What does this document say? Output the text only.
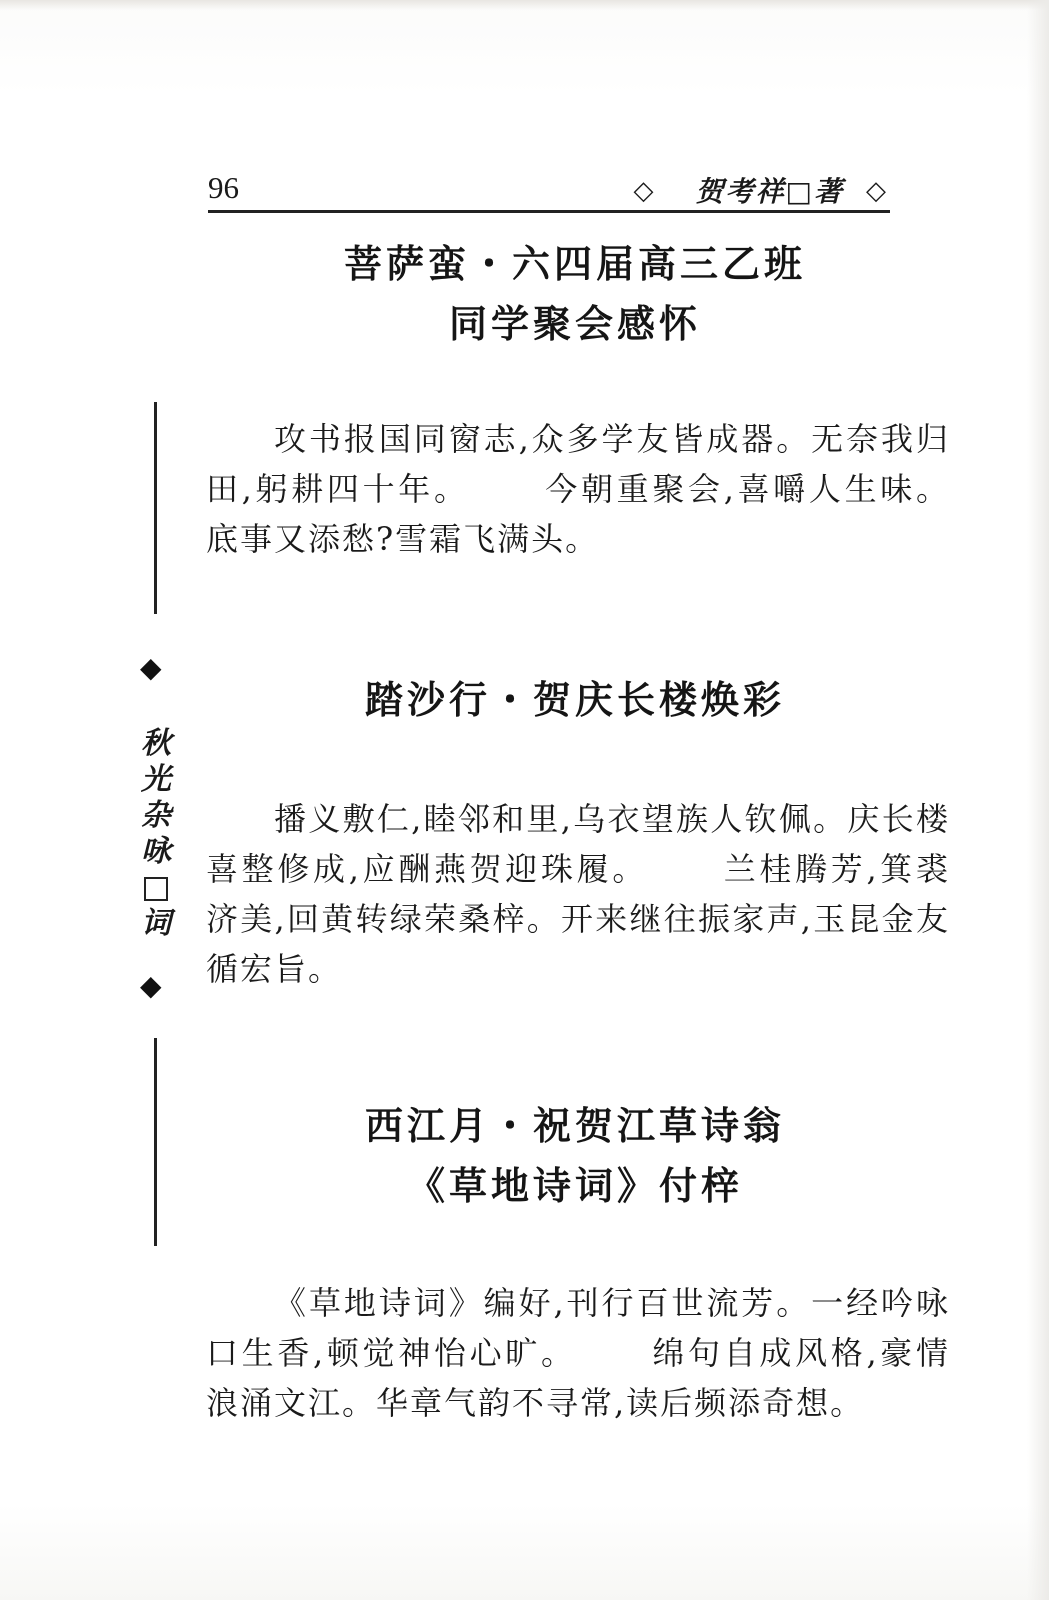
96	◇ 贺考祥□著 ◇
◆
秋光杂咏词
◆
菩萨蛮・六四届高三乙班
同学聚会感怀
攻书报国同窗志,众多学友皆成器。无奈我归田,躬耕四十年。 今朝重聚会,喜嚼人生味。底事又添愁?雪霜飞满头。
踏沙行・贺庆长楼焕彩
播义敷仁,睦邻和里,乌衣望族人钦佩。庆长楼喜整修成,应酬燕贺迎珠履。 兰桂腾芳,箕裘济美,回黄转绿荣桑梓。开来继往振家声,玉昆金友循宏旨。
西江月・祝贺江草诗翁
《草地诗词》付梓
《草地诗词》编好,刊行百世流芳。一经吟咏口生香,顿觉神怡心旷。 绵句自成风格,豪情浪涌文江。华章气韵不寻常,读后频添奇想。
